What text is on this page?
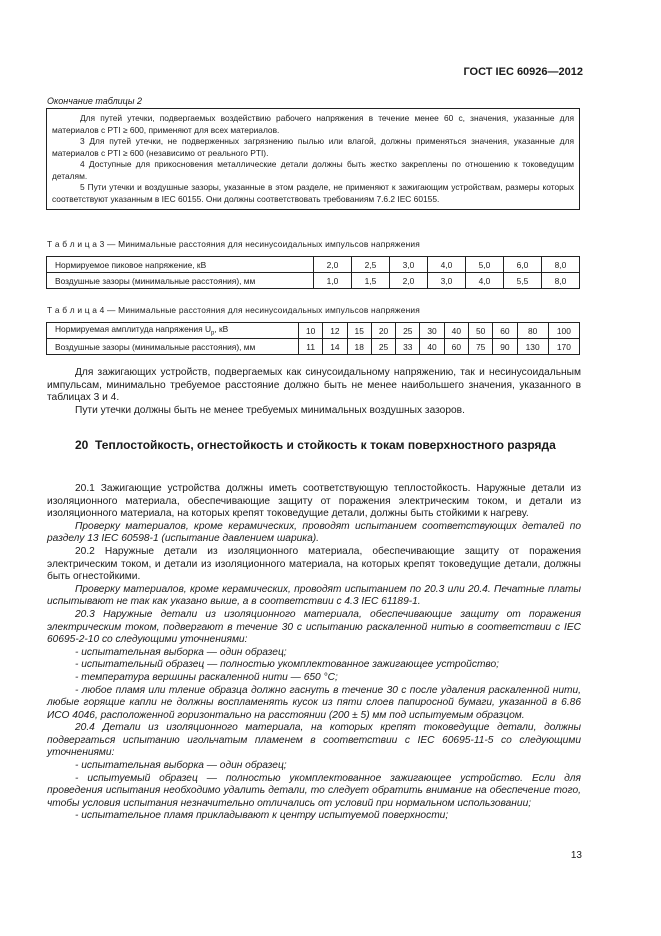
ГОСТ IEC 60926—2012
Окончание таблицы 2

Для путей утечки, подвергаемых воздействию рабочего напряжения в течение менее 60 с, значения, указанные для материалов с PTI ≥ 600, применяют для всех материалов.

3 Для путей утечки, не подверженных загрязнению пылью или влагой, должны применяться значения, указанные для материалов с PTI ≥ 600 (независимо от реального PTI).

4 Доступные для прикосновения металлические детали должны быть жестко закреплены по отношению к токоведущим деталям.

5 Пути утечки и воздушные зазоры, указанные в этом разделе, не применяют к зажигающим устройствам, размеры которых соответствуют указанным в IEC 60155. Они должны соответствовать требованиям 7.6.2 IEC 60155.

Т а б л и ц а 3 — Минимальные расстояния для несинусоидальных импульсов напряжения
Нормируемое пиковое напряжение, кВ	2,0	2,5	3,0	4,0	5,0	6,0	8,0
Воздушные зазоры (минимальные расстояния), мм	1,0	1,5	2,0	3,0	4,0	5,5	8,0
Т а б л и ц а 4 — Минимальные расстояния для несинусоидальных импульсов напряжения
Нормируемая амплитуда напряжения $U_p$, кВ	10	12	15	20	25	30	40	50	60	80	100
Воздушные зазоры (минимальные расстояния), мм	11	14	18	25	33	40	60	75	90	130	170

Для зажигающих устройств, подвергаемых как синусоидальному напряжению, так и несинусоидальным импульсам, минимально требуемое расстояние должно быть не менее наибольшего значения, указанного в таблицах 3 и 4.

Пути утечки должны быть не менее требуемых минимальных воздушных зазоров.

20 Теплостойкость, огнестойкость и стойкость к токам поверхностного разряда

20.1 Зажигающие устройства должны иметь соответствующую теплостойкость. Наружные детали из изоляционного материала, обеспечивающие защиту от поражения электрическим током, и детали из изоляционного материала, на которых крепят токоведущие детали, должны быть стойкими к нагреву.

Проверку материалов, кроме керамических, проводят испытанием соответствующих деталей по разделу 13 IEC 60598-1 (испытание давлением шарика).

20.2 Наружные детали из изоляционного материала, обеспечивающие защиту от поражения электрическим током, и детали из изоляционного материала, на которых крепят токоведущие детали, должны быть огнестойкими.

Проверку материалов, кроме керамических, проводят испытанием по 20.3 или 20.4. Печатные платы испытывают не так как указано выше, а в соответствии с 4.3 IEC 61189-1.

20.3 Наружные детали из изоляционного материала, обеспечивающие защиту от поражения электрическим током, подвергают в течение 30 с испытанию раскаленной нитью в соответствии с IEC 60695-2-10 со следующими уточнениями:

- испытательная выборка — один образец;

- испытательный образец — полностью укомплектованное зажигающее устройство;

- температура вершины раскаленной нити — 650 °С;

- любое пламя или тление образца должно гаснуть в течение 30 с после удаления раскаленной нити, любые горящие капли не должны воспламенять кусок из пяти слоев папиросной бумаги, указанной в 6.86 ИСО 4046, расположенной горизонтально на расстоянии (200 ± 5) мм под испытуемым образцом.

20.4 Детали из изоляционного материала, на которых крепят токоведущие детали, должны подвергаться испытанию игольчатым пламенем в соответствии с IEC 60695-11-5 со следующими уточнениями:

- испытательная выборка — один образец;

- испытуемый образец — полностью укомплектованное зажигающее устройство. Если для проведения испытания необходимо удалить детали, то следует обратить внимание на обеспечение того, чтобы условия испытания незначительно отличались от условий при нормальном использовании;

- испытательное пламя прикладывают к центру испытуемой поверхности;

13
